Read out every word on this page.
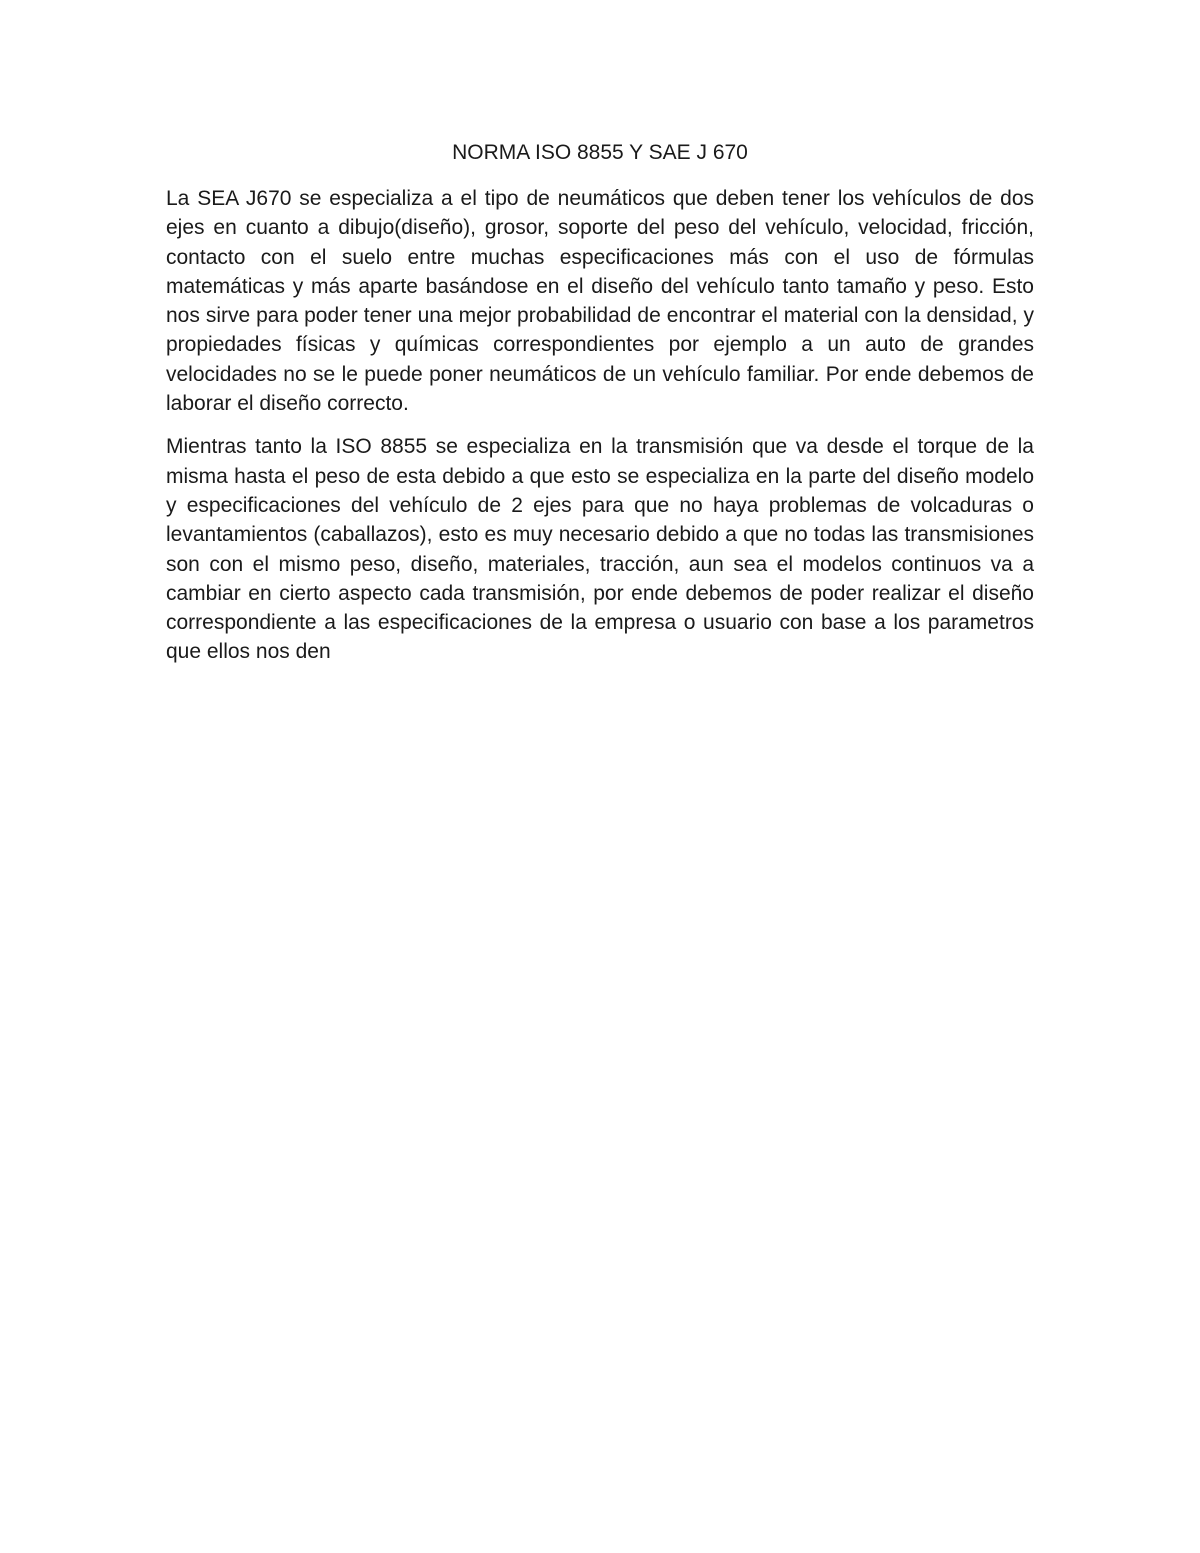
NORMA ISO 8855 Y SAE J 670

La SEA J670 se especializa a el tipo de neumáticos que deben tener los vehículos de dos ejes en cuanto a dibujo(diseño), grosor, soporte del peso del vehículo, velocidad, fricción, contacto con el suelo entre muchas especificaciones más con el uso de fórmulas matemáticas y más aparte basándose en el diseño del vehículo tanto tamaño y peso. Esto nos sirve para poder tener una mejor probabilidad de encontrar el material con la densidad, y propiedades físicas y químicas correspondientes por ejemplo a un auto de grandes velocidades no se le puede poner neumáticos de un vehículo familiar. Por ende debemos de laborar el diseño correcto.

Mientras tanto la ISO 8855 se especializa en la transmisión que va desde el torque de la misma hasta el peso de esta debido a que esto se especializa en la parte del diseño modelo y especificaciones del vehículo de 2 ejes para que no haya problemas de volcaduras o levantamientos (caballazos), esto es muy necesario debido a que no todas las transmisiones son con el mismo peso, diseño, materiales, tracción, aun sea el modelos continuos va a cambiar en cierto aspecto cada transmisión, por ende debemos de poder realizar el diseño correspondiente a las especificaciones de la empresa o usuario con base a los parametros que ellos nos den
